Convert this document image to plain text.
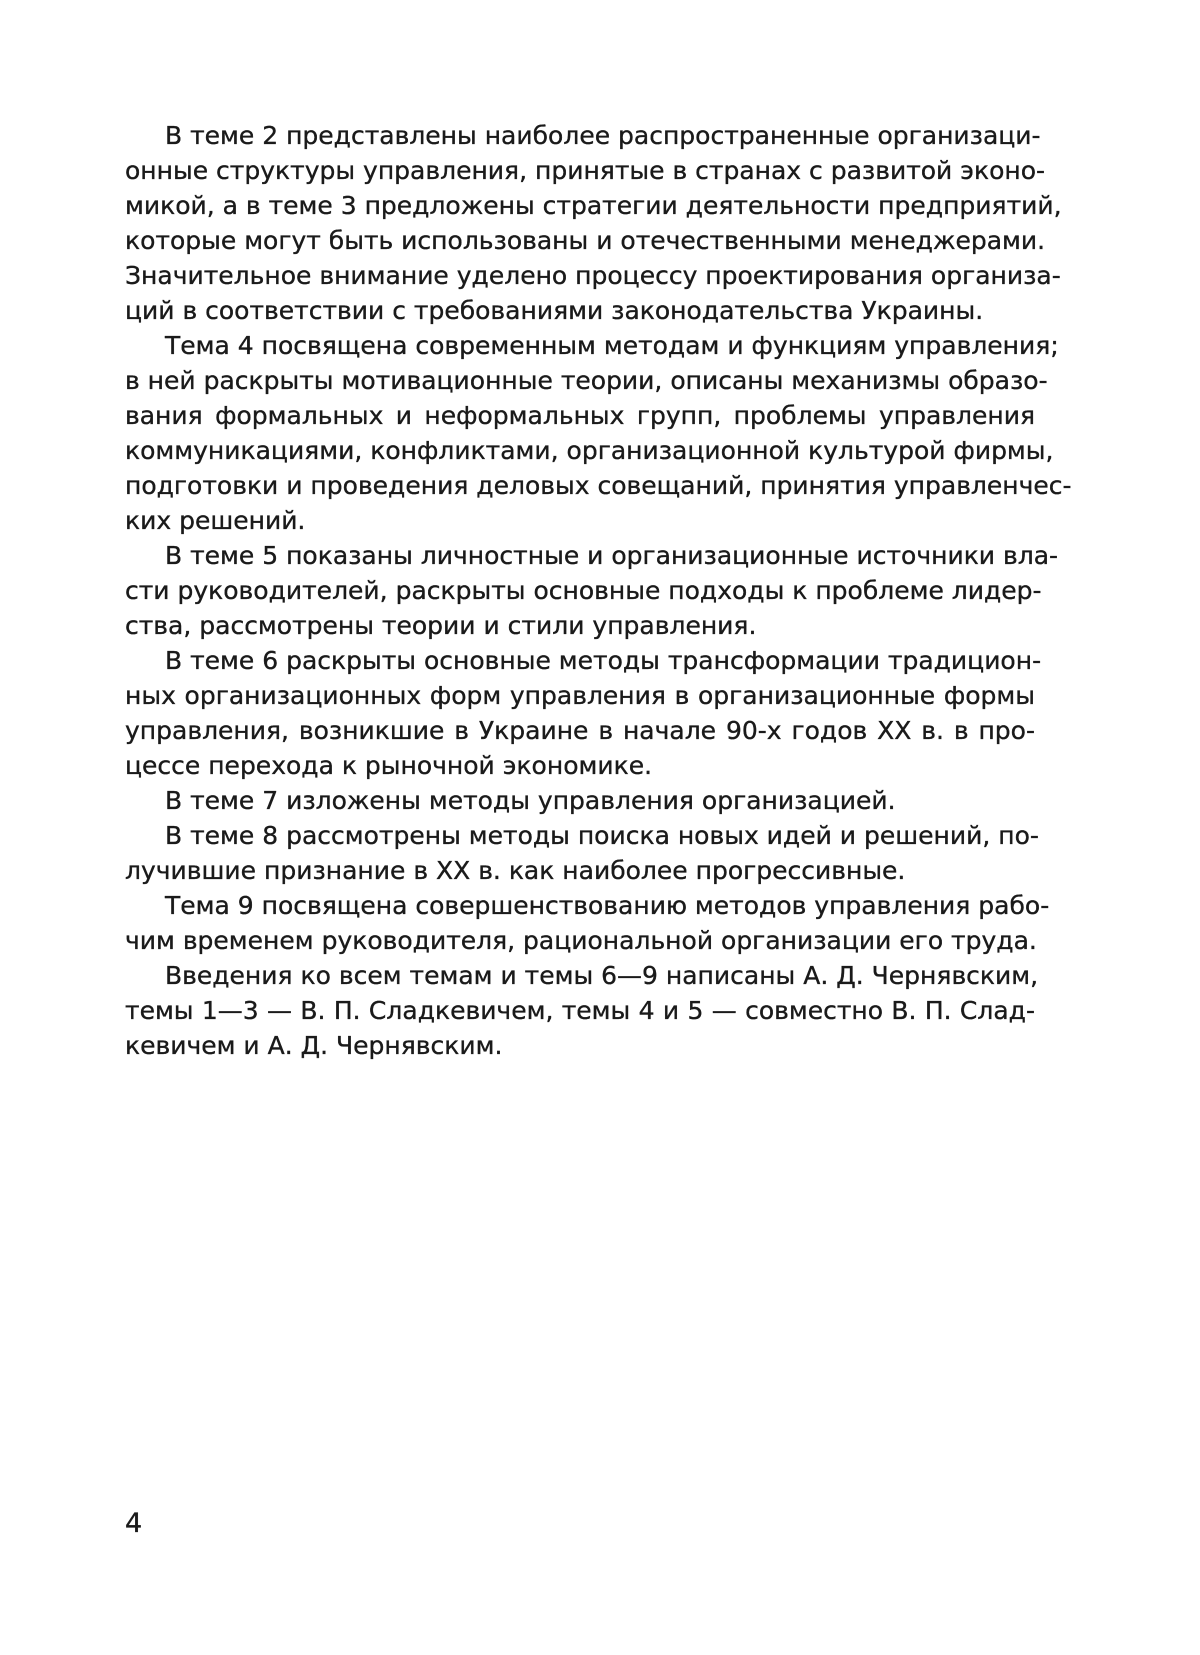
В теме 2 представлены наиболее распространенные организаци-
онные структуры управления, принятые в странах с развитой эконо-
микой, а в теме 3 предложены стратегии деятельности предприятий,
которые могут быть использованы и отечественными менеджерами.
Значительное внимание уделено процессу проектирования организа-
ций в соответствии с требованиями законодательства Украины.
Тема 4 посвящена современным методам и функциям управления;
в ней раскрыты мотивационные теории, описаны механизмы образо-
вания формальных и неформальных групп, проблемы управления
коммуникациями, конфликтами, организационной культурой фирмы,
подготовки и проведения деловых совещаний, принятия управленчес-
ких решений.
В теме 5 показаны личностные и организационные источники вла-
сти руководителей, раскрыты основные подходы к проблеме лидер-
ства, рассмотрены теории и стили управления.
В теме 6 раскрыты основные методы трансформации традицион-
ных организационных форм управления в организационные формы
управления, возникшие в Украине в начале 90-х годов XX в. в про-
цессе перехода к рыночной экономике.
В теме 7 изложены методы управления организацией.
В теме 8 рассмотрены методы поиска новых идей и решений, по-
лучившие признание в XX в. как наиболее прогрессивные.
Тема 9 посвящена совершенствованию методов управления рабо-
чим временем руководителя, рациональной организации его труда.
Введения ко всем темам и темы 6—9 написаны А. Д. Чернявским,
темы 1—3 — В. П. Сладкевичем, темы 4 и 5 — совместно В. П. Слад-
кевичем и А. Д. Чернявским.
4
